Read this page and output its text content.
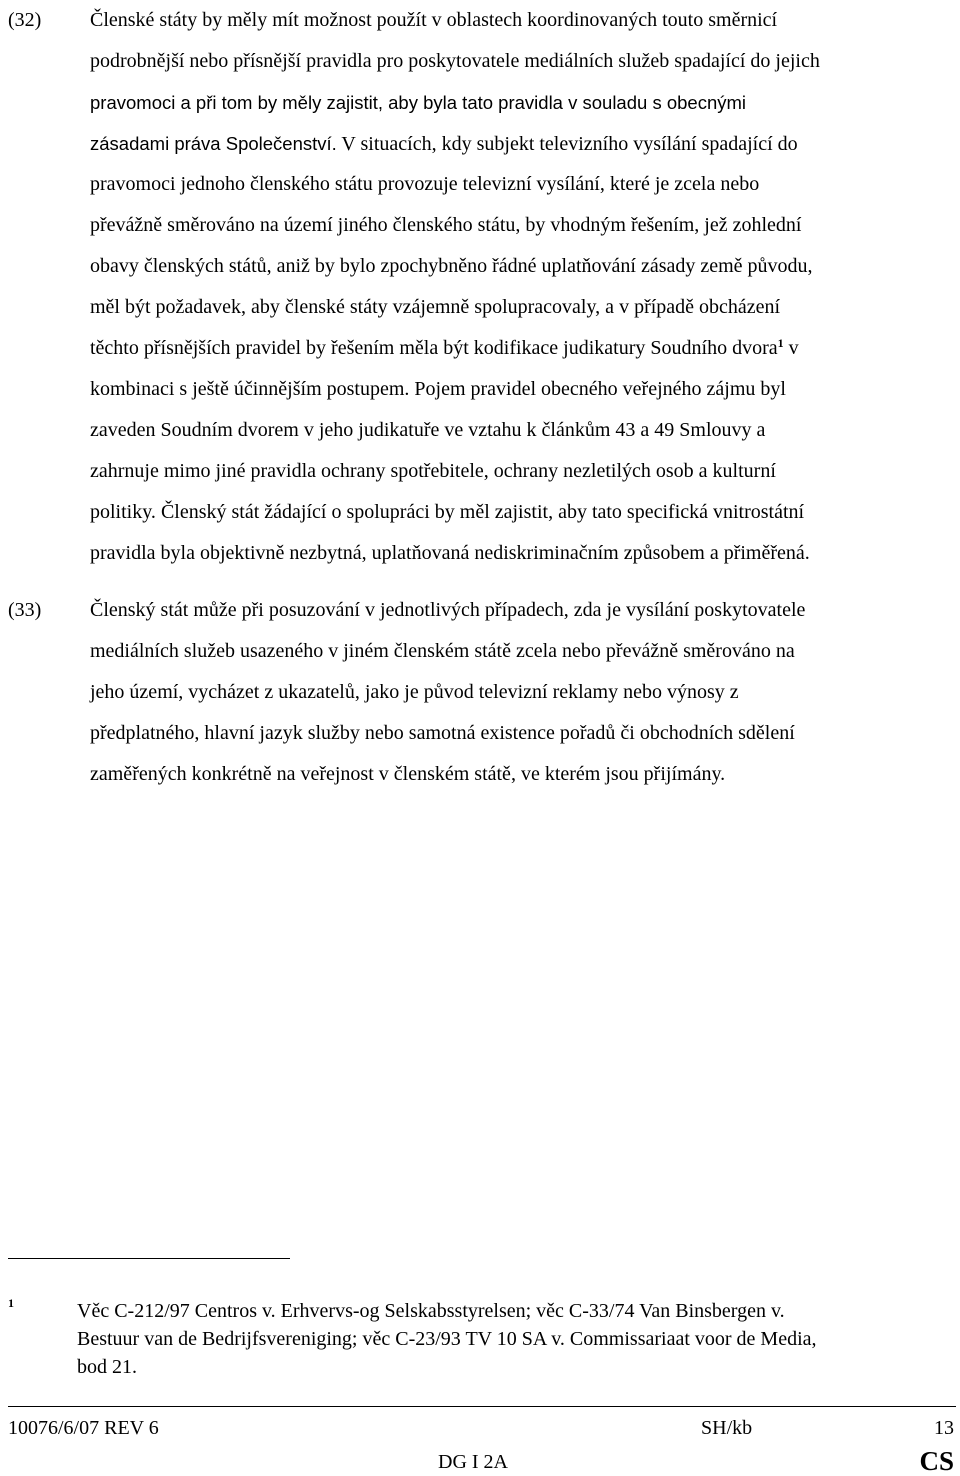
(32) Členské státy by měly mít možnost použít v oblastech koordinovaných touto směrnicí
podrobnější nebo přísnější pravidla pro poskytovatele mediálních služeb spadající do jejich
pravomoci a při tom by měly zajistit, aby byla tato pravidla v souladu s obecnými
zásadami práva Společenství. V situacích, kdy subjekt televizního vysílání spadající do
pravomoci jednoho členského státu provozuje televizní vysílání, které je zcela nebo
převážně směrováno na území jiného členského státu, by vhodným řešením, jež zohlední
obavy členských států, aniž by bylo zpochybněno řádné uplatňování zásady země původu,
měl být požadavek, aby členské státy vzájemně spolupracovaly, a v případě obcházení
těchto přísnějších pravidel by řešením měla být kodifikace judikatury Soudního dvora$^1$ v
kombinaci s ještě účinnějším postupem. Pojem pravidel obecného veřejného zájmu byl
zaveden Soudním dvorem v jeho judikatuře ve vztahu k článkům 43 a 49 Smlouvy a
zahrnuje mimo jiné pravidla ochrany spotřebitele, ochrany nezletilých osob a kulturní
politiky. Členský stát žádající o spolupráci by měl zajistit, aby tato specifická vnitrostátní
pravidla byla objektivně nezbytná, uplatňovaná nediskriminačním způsobem a přiměřená.
(33) Členský stát může při posuzování v jednotlivých případech, zda je vysílání poskytovatele
mediálních služeb usazeného v jiném členském státě zcela nebo převážně směrováno na
jeho území, vycházet z ukazatelů, jako je původ televizní reklamy nebo výnosy z
předplatného, hlavní jazyk služby nebo samotná existence pořadů či obchodních sdělení
zaměřených konkrétně na veřejnost v členském státě, ve kterém jsou přijímány.
1	Věc C-212/97 Centros v. Erhvervs-og Selskabsstyrelsen; věc C-33/74 Van Binsbergen v.
Bestuur van de Bedrijfsvereniging; věc C-23/93 TV 10 SA v. Commissariaat voor de Media,
bod 21.
10076/6/07 REV 6	SH/kb	13
DG I 2A	CS
